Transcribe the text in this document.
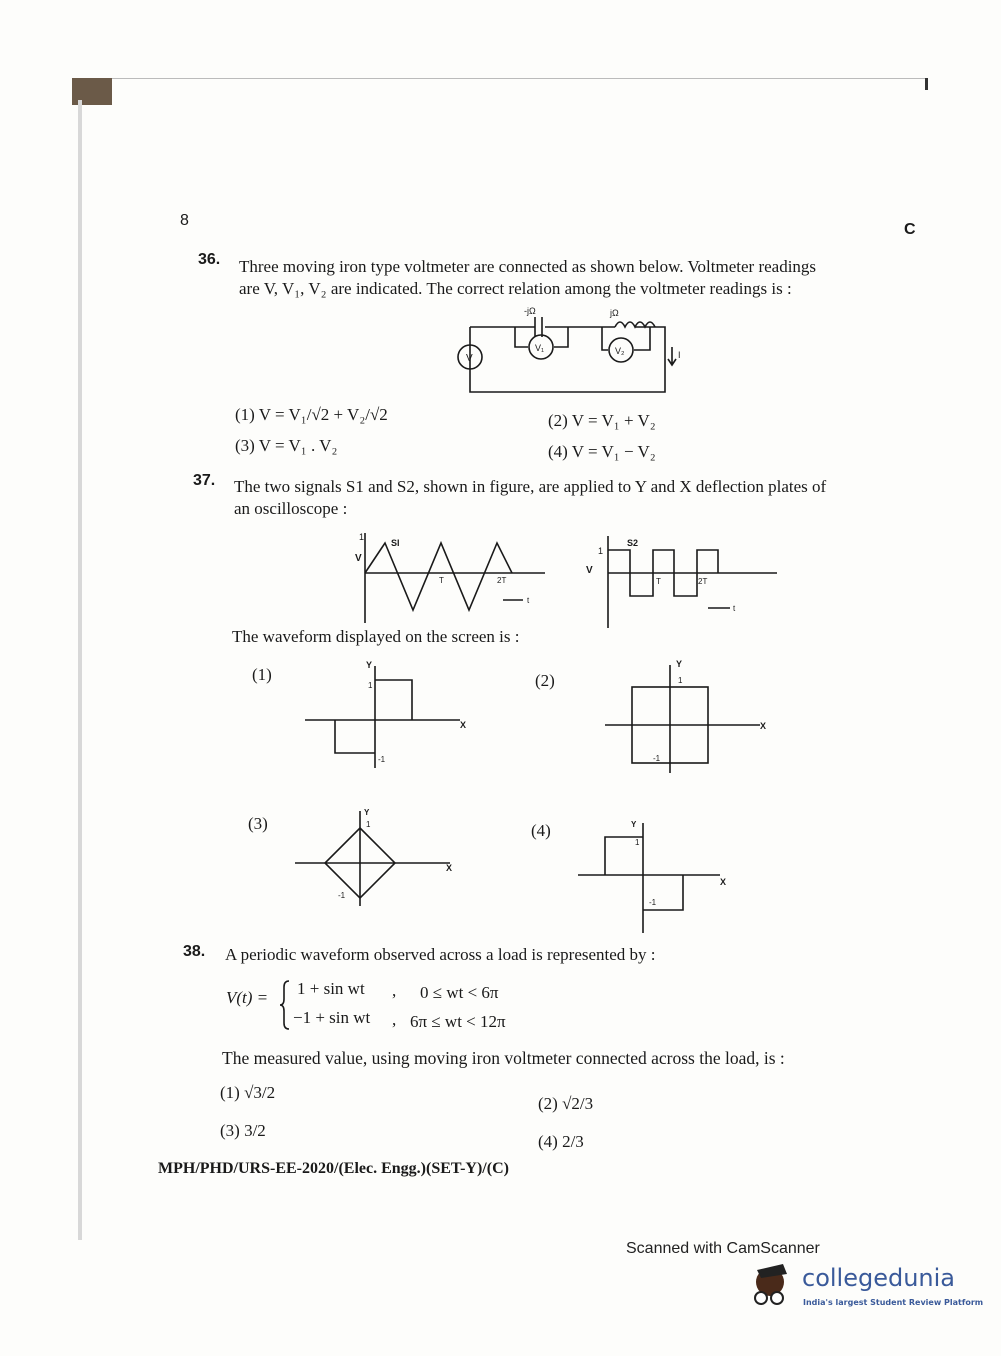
8
C
36. Three moving iron type voltmeter are connected as shown below. Voltmeter readings
are V, V₁, V₂ are indicated. The correct relation among the voltmeter readings is :
V
V₁	V₂
-jΩ	jΩ
I
(1) V = V₁/√2 + V₂/√2	(2) V = V₁ + V₂
(3) V = V₁ . V₂	(4) V = V₁ − V₂
37. The two signals S1 and S2, shown in figure, are applied to Y and X deflection plates of
an oscilloscope :
1
SI
V
T	2T
t
1
S2
V
T	2T
t
The waveform displayed on the screen is :
(1)	Y
1
-1
X
(2)
Y
1
-1
X
(3)
Y
1
-1
X
(4)	Y
1
-1
X
38. A periodic waveform observed across a load is represented by :
V(t) = 1 + sin wt , 0 ≤ wt < 6π
−1 + sin wt , 6π ≤ wt < 12π
The measured value, using moving iron voltmeter connected across the load, is :
(1) √3/2
(2) √2/3
(3) 3/2
(4) 2/3
MPH/PHD/URS-EE-2020/(Elec. Engg.)(SET-Y)/(C)
Scanned with CamScanner
collegedunia
India's largest Student Review Platform
